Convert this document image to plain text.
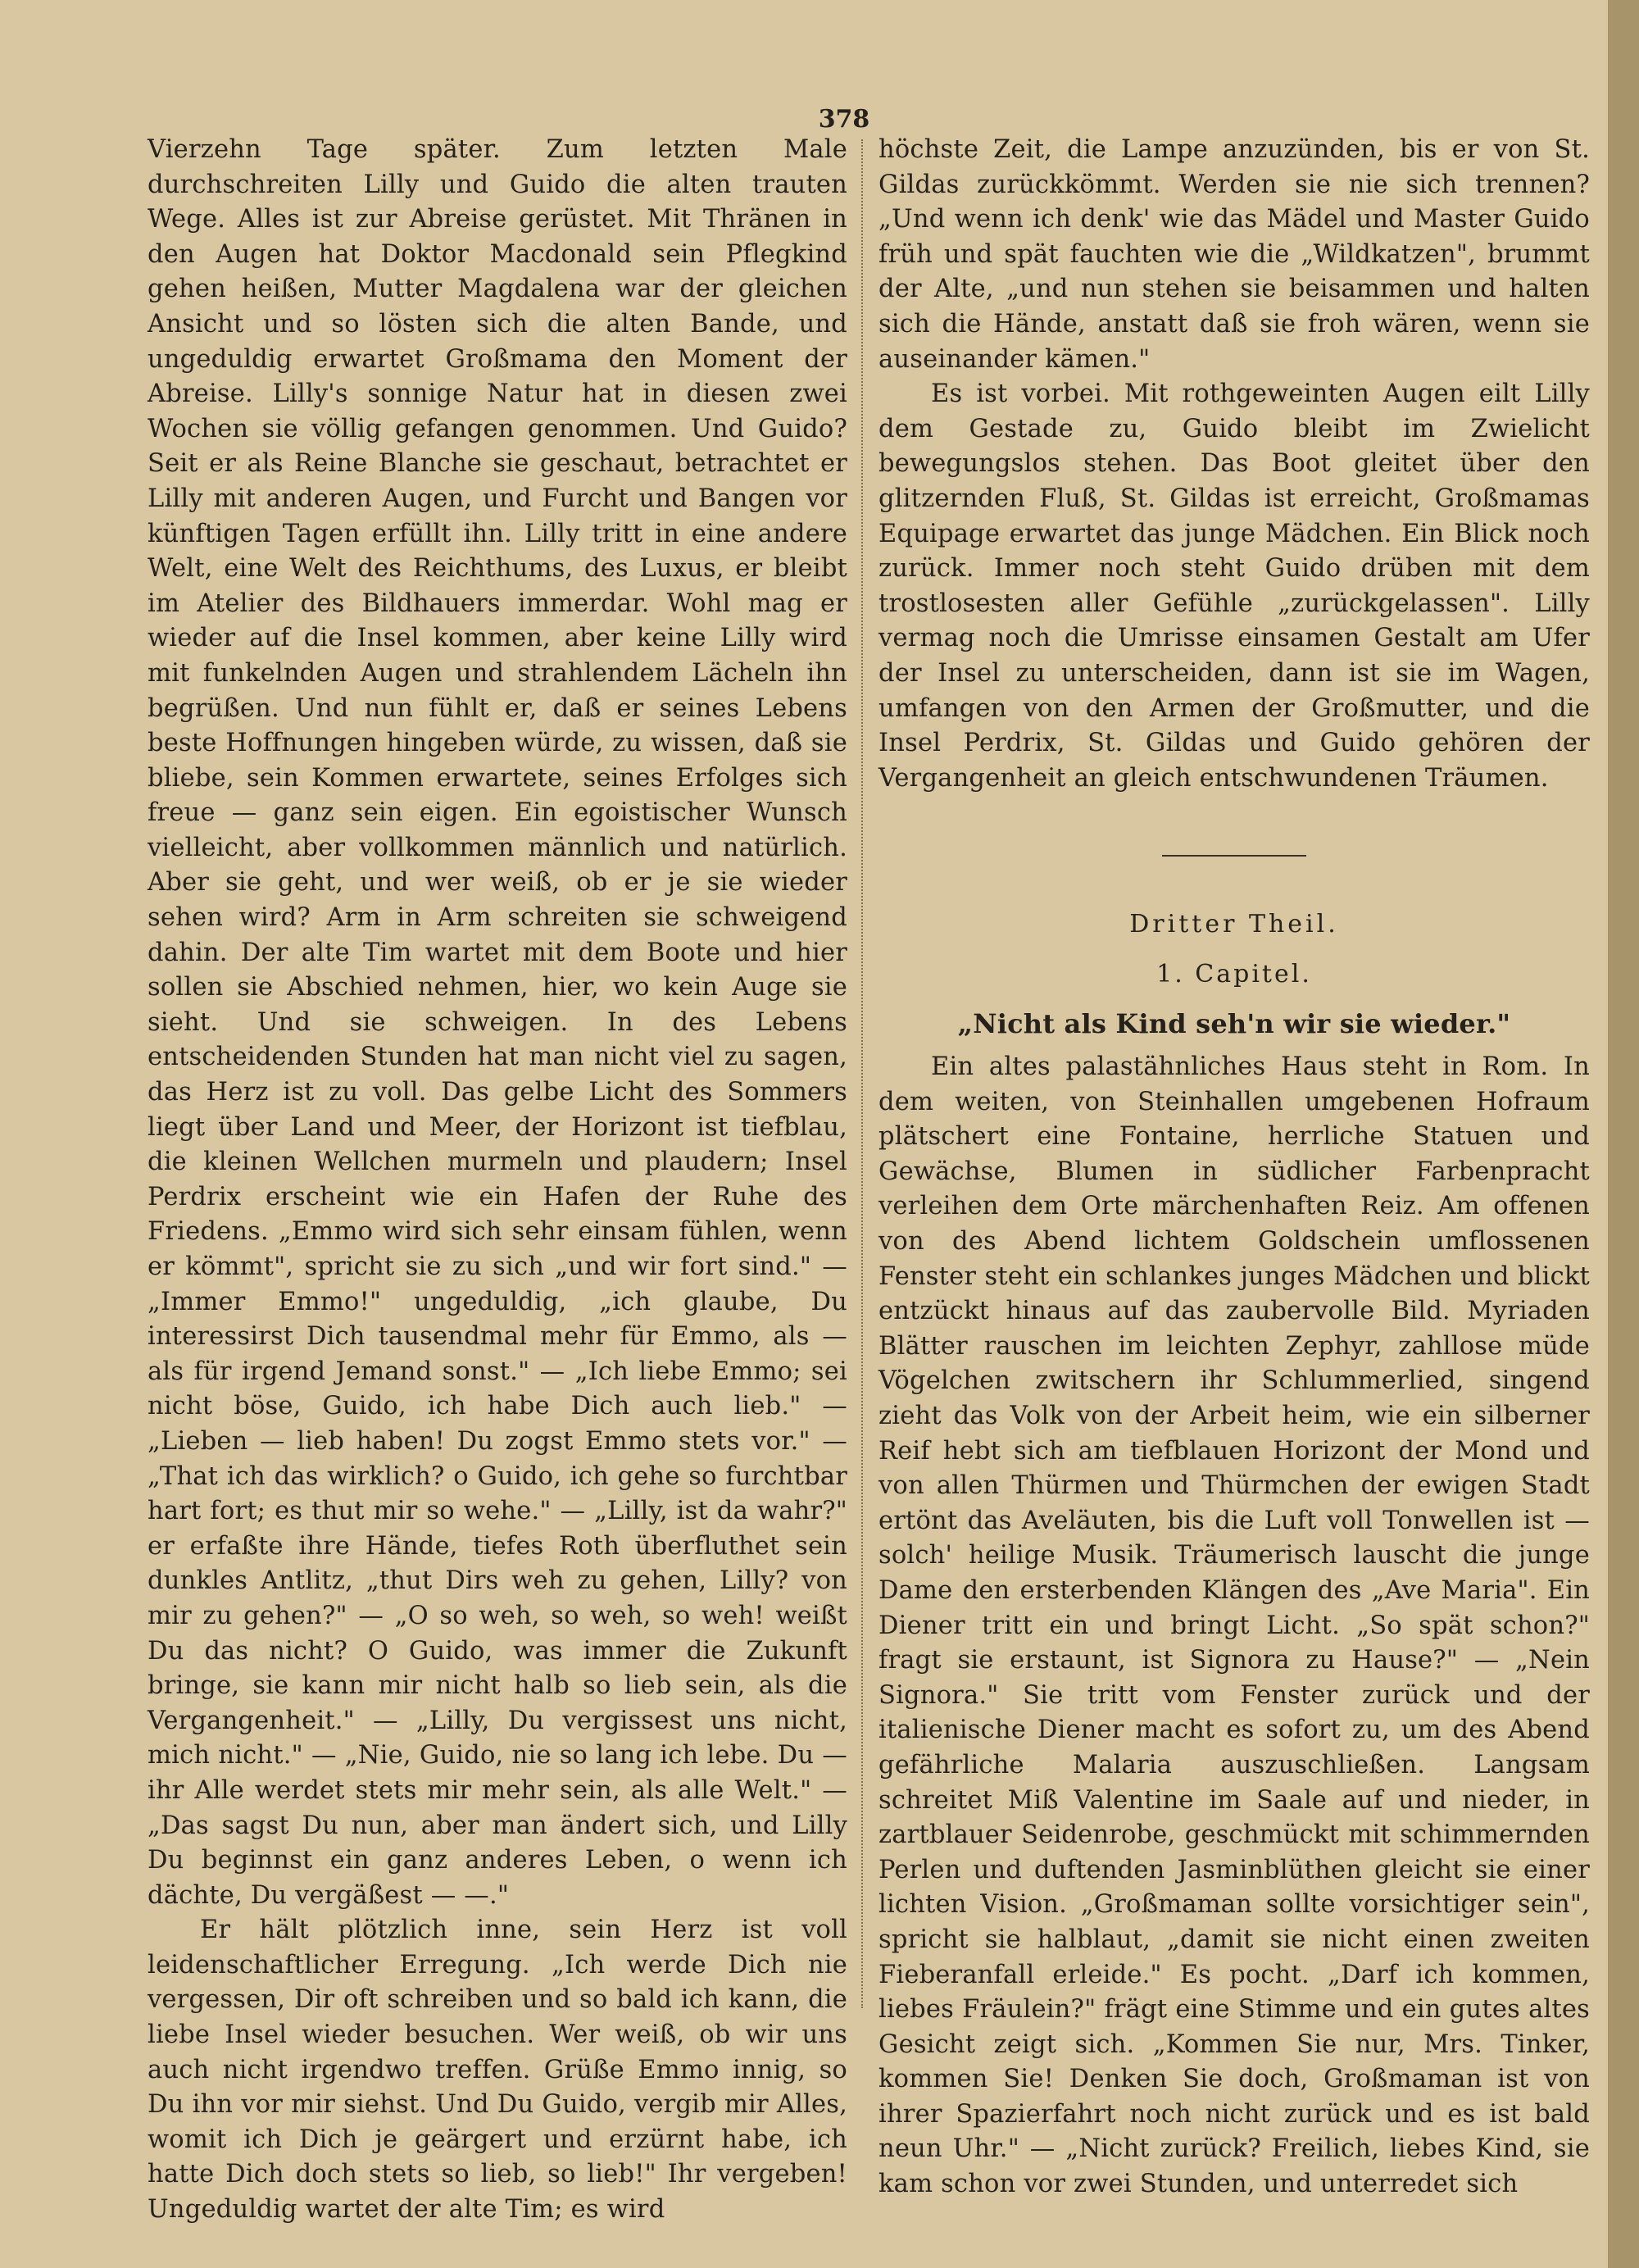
378

Vierzehn Tage später. Zum letzten Male durchschreiten Lilly und Guido die alten trauten Wege. Alles ist zur Abreise gerüstet. Mit Thränen in den Augen hat Doktor Macdonald sein Pflegkind gehen heißen, Mutter Magdalena war der gleichen Ansicht und so lösten sich die alten Bande, und ungeduldig erwartet Großmama den Moment der Abreise. Lilly's sonnige Natur hat in diesen zwei Wochen sie völlig gefangen genommen. Und Guido? Seit er als Reine Blanche sie geschaut, betrachtet er Lilly mit anderen Augen, und Furcht und Bangen vor künftigen Tagen erfüllt ihn. Lilly tritt in eine andere Welt, eine Welt des Reichthums, des Luxus, er bleibt im Atelier des Bildhauers immerdar. Wohl mag er wieder auf die Insel kommen, aber keine Lilly wird mit funkelnden Augen und strahlendem Lächeln ihn begrüßen. Und nun fühlt er, daß er seines Lebens beste Hoffnungen hingeben würde, zu wissen, daß sie bliebe, sein Kommen erwartete, seines Erfolges sich freue — ganz sein eigen. Ein egoistischer Wunsch vielleicht, aber vollkommen männlich und natürlich. Aber sie geht, und wer weiß, ob er je sie wieder sehen wird? Arm in Arm schreiten sie schweigend dahin. Der alte Tim wartet mit dem Boote und hier sollen sie Abschied nehmen, hier, wo kein Auge sie sieht. Und sie schweigen. In des Lebens entscheidenden Stunden hat man nicht viel zu sagen, das Herz ist zu voll. Das gelbe Licht des Sommers liegt über Land und Meer, der Horizont ist tiefblau, die kleinen Wellchen murmeln und plaudern; Insel Perdrix erscheint wie ein Hafen der Ruhe des Friedens. „Emmo wird sich sehr einsam fühlen, wenn er kömmt", spricht sie zu sich „und wir fort sind." — „Immer Emmo!" ungeduldig, „ich glaube, Du interessirst Dich tausendmal mehr für Emmo, als — als für irgend Jemand sonst." — „Ich liebe Emmo; sei nicht böse, Guido, ich habe Dich auch lieb." — „Lieben — lieb haben! Du zogst Emmo stets vor." — „That ich das wirklich? o Guido, ich gehe so furchtbar hart fort; es thut mir so wehe." — „Lilly, ist da wahr?" er erfaßte ihre Hände, tiefes Roth überfluthet sein dunkles Antlitz, „thut Dirs weh zu gehen, Lilly? von mir zu gehen?" — „O so weh, so weh, so weh! weißt Du das nicht? O Guido, was immer die Zukunft bringe, sie kann mir nicht halb so lieb sein, als die Vergangenheit." — „Lilly, Du vergissest uns nicht, mich nicht." — „Nie, Guido, nie so lang ich lebe. Du — ihr Alle werdet stets mir mehr sein, als alle Welt." — „Das sagst Du nun, aber man ändert sich, und Lilly Du beginnst ein ganz anderes Leben, o wenn ich dächte, Du vergäßest — —."

Er hält plötzlich inne, sein Herz ist voll leidenschaftlicher Erregung. „Ich werde Dich nie vergessen, Dir oft schreiben und so bald ich kann, die liebe Insel wieder besuchen. Wer weiß, ob wir uns auch nicht irgendwo treffen. Grüße Emmo innig, so Du ihn vor mir siehst. Und Du Guido, vergib mir Alles, womit ich Dich je geärgert und erzürnt habe, ich hatte Dich doch stets so lieb, so lieb!" Ihr vergeben! Ungeduldig wartet der alte Tim; es wird

höchste Zeit, die Lampe anzuzünden, bis er von St. Gildas zurückkömmt. Werden sie nie sich trennen? „Und wenn ich denk' wie das Mädel und Master Guido früh und spät fauchten wie die „Wildkatzen", brummt der Alte, „und nun stehen sie beisammen und halten sich die Hände, anstatt daß sie froh wären, wenn sie auseinander kämen."

Es ist vorbei. Mit rothgeweinten Augen eilt Lilly dem Gestade zu, Guido bleibt im Zwielicht bewegungslos stehen. Das Boot gleitet über den glitzernden Fluß, St. Gildas ist erreicht, Großmamas Equipage erwartet das junge Mädchen. Ein Blick noch zurück. Immer noch steht Guido drüben mit dem trostlosesten aller Gefühle „zurückgelassen". Lilly vermag noch die Umrisse einsamen Gestalt am Ufer der Insel zu unterscheiden, dann ist sie im Wagen, umfangen von den Armen der Großmutter, und die Insel Perdrix, St. Gildas und Guido gehören der Vergangenheit an gleich entschwundenen Träumen.

Dritter Theil.
1. Capitel.
„Nicht als Kind seh'n wir sie wieder."

Ein altes palastähnliches Haus steht in Rom. In dem weiten, von Steinhallen umgebenen Hofraum plätschert eine Fontaine, herrliche Statuen und Gewächse, Blumen in südlicher Farbenpracht verleihen dem Orte märchenhaften Reiz. Am offenen von des Abend lichtem Goldschein umflossenen Fenster steht ein schlankes junges Mädchen und blickt entzückt hinaus auf das zaubervolle Bild. Myriaden Blätter rauschen im leichten Zephyr, zahllose müde Vögelchen zwitschern ihr Schlummerlied, singend zieht das Volk von der Arbeit heim, wie ein silberner Reif hebt sich am tiefblauen Horizont der Mond und von allen Thürmen und Thürmchen der ewigen Stadt ertönt das Aveläuten, bis die Luft voll Tonwellen ist — solch' heilige Musik. Träumerisch lauscht die junge Dame den ersterbenden Klängen des „Ave Maria". Ein Diener tritt ein und bringt Licht. „So spät schon?" fragt sie erstaunt, ist Signora zu Hause?" — „Nein Signora." Sie tritt vom Fenster zurück und der italienische Diener macht es sofort zu, um des Abend gefährliche Malaria auszuschließen. Langsam schreitet Miß Valentine im Saale auf und nieder, in zartblauer Seidenrobe, geschmückt mit schimmernden Perlen und duftenden Jasminblüthen gleicht sie einer lichten Vision. „Großmaman sollte vorsichtiger sein", spricht sie halblaut, „damit sie nicht einen zweiten Fieberanfall erleide." Es pocht. „Darf ich kommen, liebes Fräulein?" frägt eine Stimme und ein gutes altes Gesicht zeigt sich. „Kommen Sie nur, Mrs. Tinker, kommen Sie! Denken Sie doch, Großmaman ist von ihrer Spazierfahrt noch nicht zurück und es ist bald neun Uhr." — „Nicht zurück? Freilich, liebes Kind, sie kam schon vor zwei Stunden, und unterredet sich
